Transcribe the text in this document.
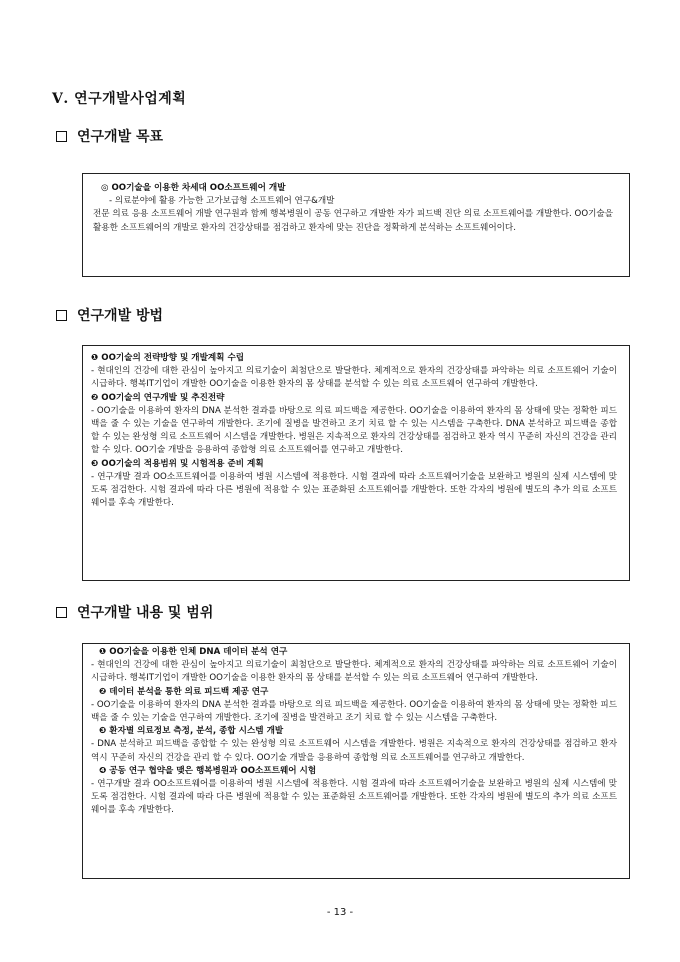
Ⅴ. 연구개발사업계획
연구개발 목표

◎ OO기술을 이용한 차세대 OO소프트웨어 개발

- 의료분야에 활용 가능한 고가보급형 소프트웨어 연구&개발

전문 의료 응용 소프트웨어 개발 연구원과 함께 행복병원이 공동 연구하고 개발한 자가 피드백 진단 의료 소프트웨어를 개발한다. OO기술을 활용한 소프트웨어의 개발로 환자의 건강상태를 점검하고 환자에 맞는 진단을 정확하게 분석하는 소프트웨어이다.

연구개발 방법

❶ OO기술의 전략방향 및 개발계획 수립

- 현대인의 건강에 대한 관심이 높아지고 의료기술이 최첨단으로 발달한다. 체계적으로 환자의 건강상태를 파악하는 의료 소프트웨어 기술이 시급하다. 행복IT기업이 개발한 OO기술을 이용한 환자의 몸 상태를 분석할 수 있는 의료 소프트웨어 연구하여 개발한다.

❷ OO기술의 연구개발 및 추진전략

- OO기술을 이용하여 환자의 DNA 분석한 결과를 바탕으로 의료 피드백을 제공한다. OO기술을 이용하여 환자의 몸 상태에 맞는 정확한 피드백을 줄 수 있는 기술을 연구하여 개발한다. 조기에 질병을 발견하고 조기 치료 할 수 있는 시스템을 구축한다. DNA 분석하고 피드백을 종합할 수 있는 완성형 의료 소프트웨어 시스템을 개발한다. 병원은 지속적으로 환자의 건강상태를 점검하고 환자 역시 꾸준히 자신의 건강을 관리 할 수 있다. OO기술 개발을 응용하여 종합형 의료 소프트웨어를 연구하고 개발한다.

❸ OO기술의 적용범위 및 시험적용 준비 계획

- 연구개발 결과 OO소프트웨어를 이용하여 병원 시스템에 적용한다. 시험 결과에 따라 소프트웨어기술을 보완하고 병원의 실제 시스템에 맞도록 점검한다. 시험 결과에 따라 다른 병원에 적용할 수 있는 표준화된 소프트웨어를 개발한다. 또한 각자의 병원에 별도의 추가 의료 소프트웨어를 후속 개발한다.

연구개발 내용 및 범위

❶ OO기술을 이용한 인체 DNA 데이터 분석 연구

- 현대인의 건강에 대한 관심이 높아지고 의료기술이 최첨단으로 발달한다. 체계적으로 환자의 건강상태를 파악하는 의료 소프트웨어 기술이 시급하다. 행복IT기업이 개발한 OO기술을 이용한 환자의 몸 상태를 분석할 수 있는 의료 소프트웨어 연구하여 개발한다.

❷ 데이터 분석을 통한 의료 피드백 제공 연구

- OO기술을 이용하여 환자의 DNA 분석한 결과를 바탕으로 의료 피드백을 제공한다. OO기술을 이용하여 환자의 몸 상태에 맞는 정확한 피드백을 줄 수 있는 기술을 연구하여 개발한다. 조기에 질병을 발견하고 조기 치료 할 수 있는 시스템을 구축한다.

❸ 환자별 의료정보 측정, 분석, 종합 시스템 개발

- DNA 분석하고 피드백을 종합할 수 있는 완성형 의료 소프트웨어 시스템을 개발한다. 병원은 지속적으로 환자의 건강상태를 점검하고 환자 역시 꾸준히 자신의 건강을 관리 할 수 있다. OO기술 개발을 응용하여 종합형 의료 소프트웨어를 연구하고 개발한다.

❹ 공동 연구 협약을 맺은 행복병원과 OO소프트웨어 시험

- 연구개발 결과 OO소프트웨어를 이용하여 병원 시스템에 적용한다. 시험 결과에 따라 소프트웨어기술을 보완하고 병원의 실제 시스템에 맞도록 점검한다. 시험 결과에 따라 다른 병원에 적용할 수 있는 표준화된 소프트웨어를 개발한다. 또한 각자의 병원에 별도의 추가 의료 소프트웨어를 후속 개발한다.

- 13 -
